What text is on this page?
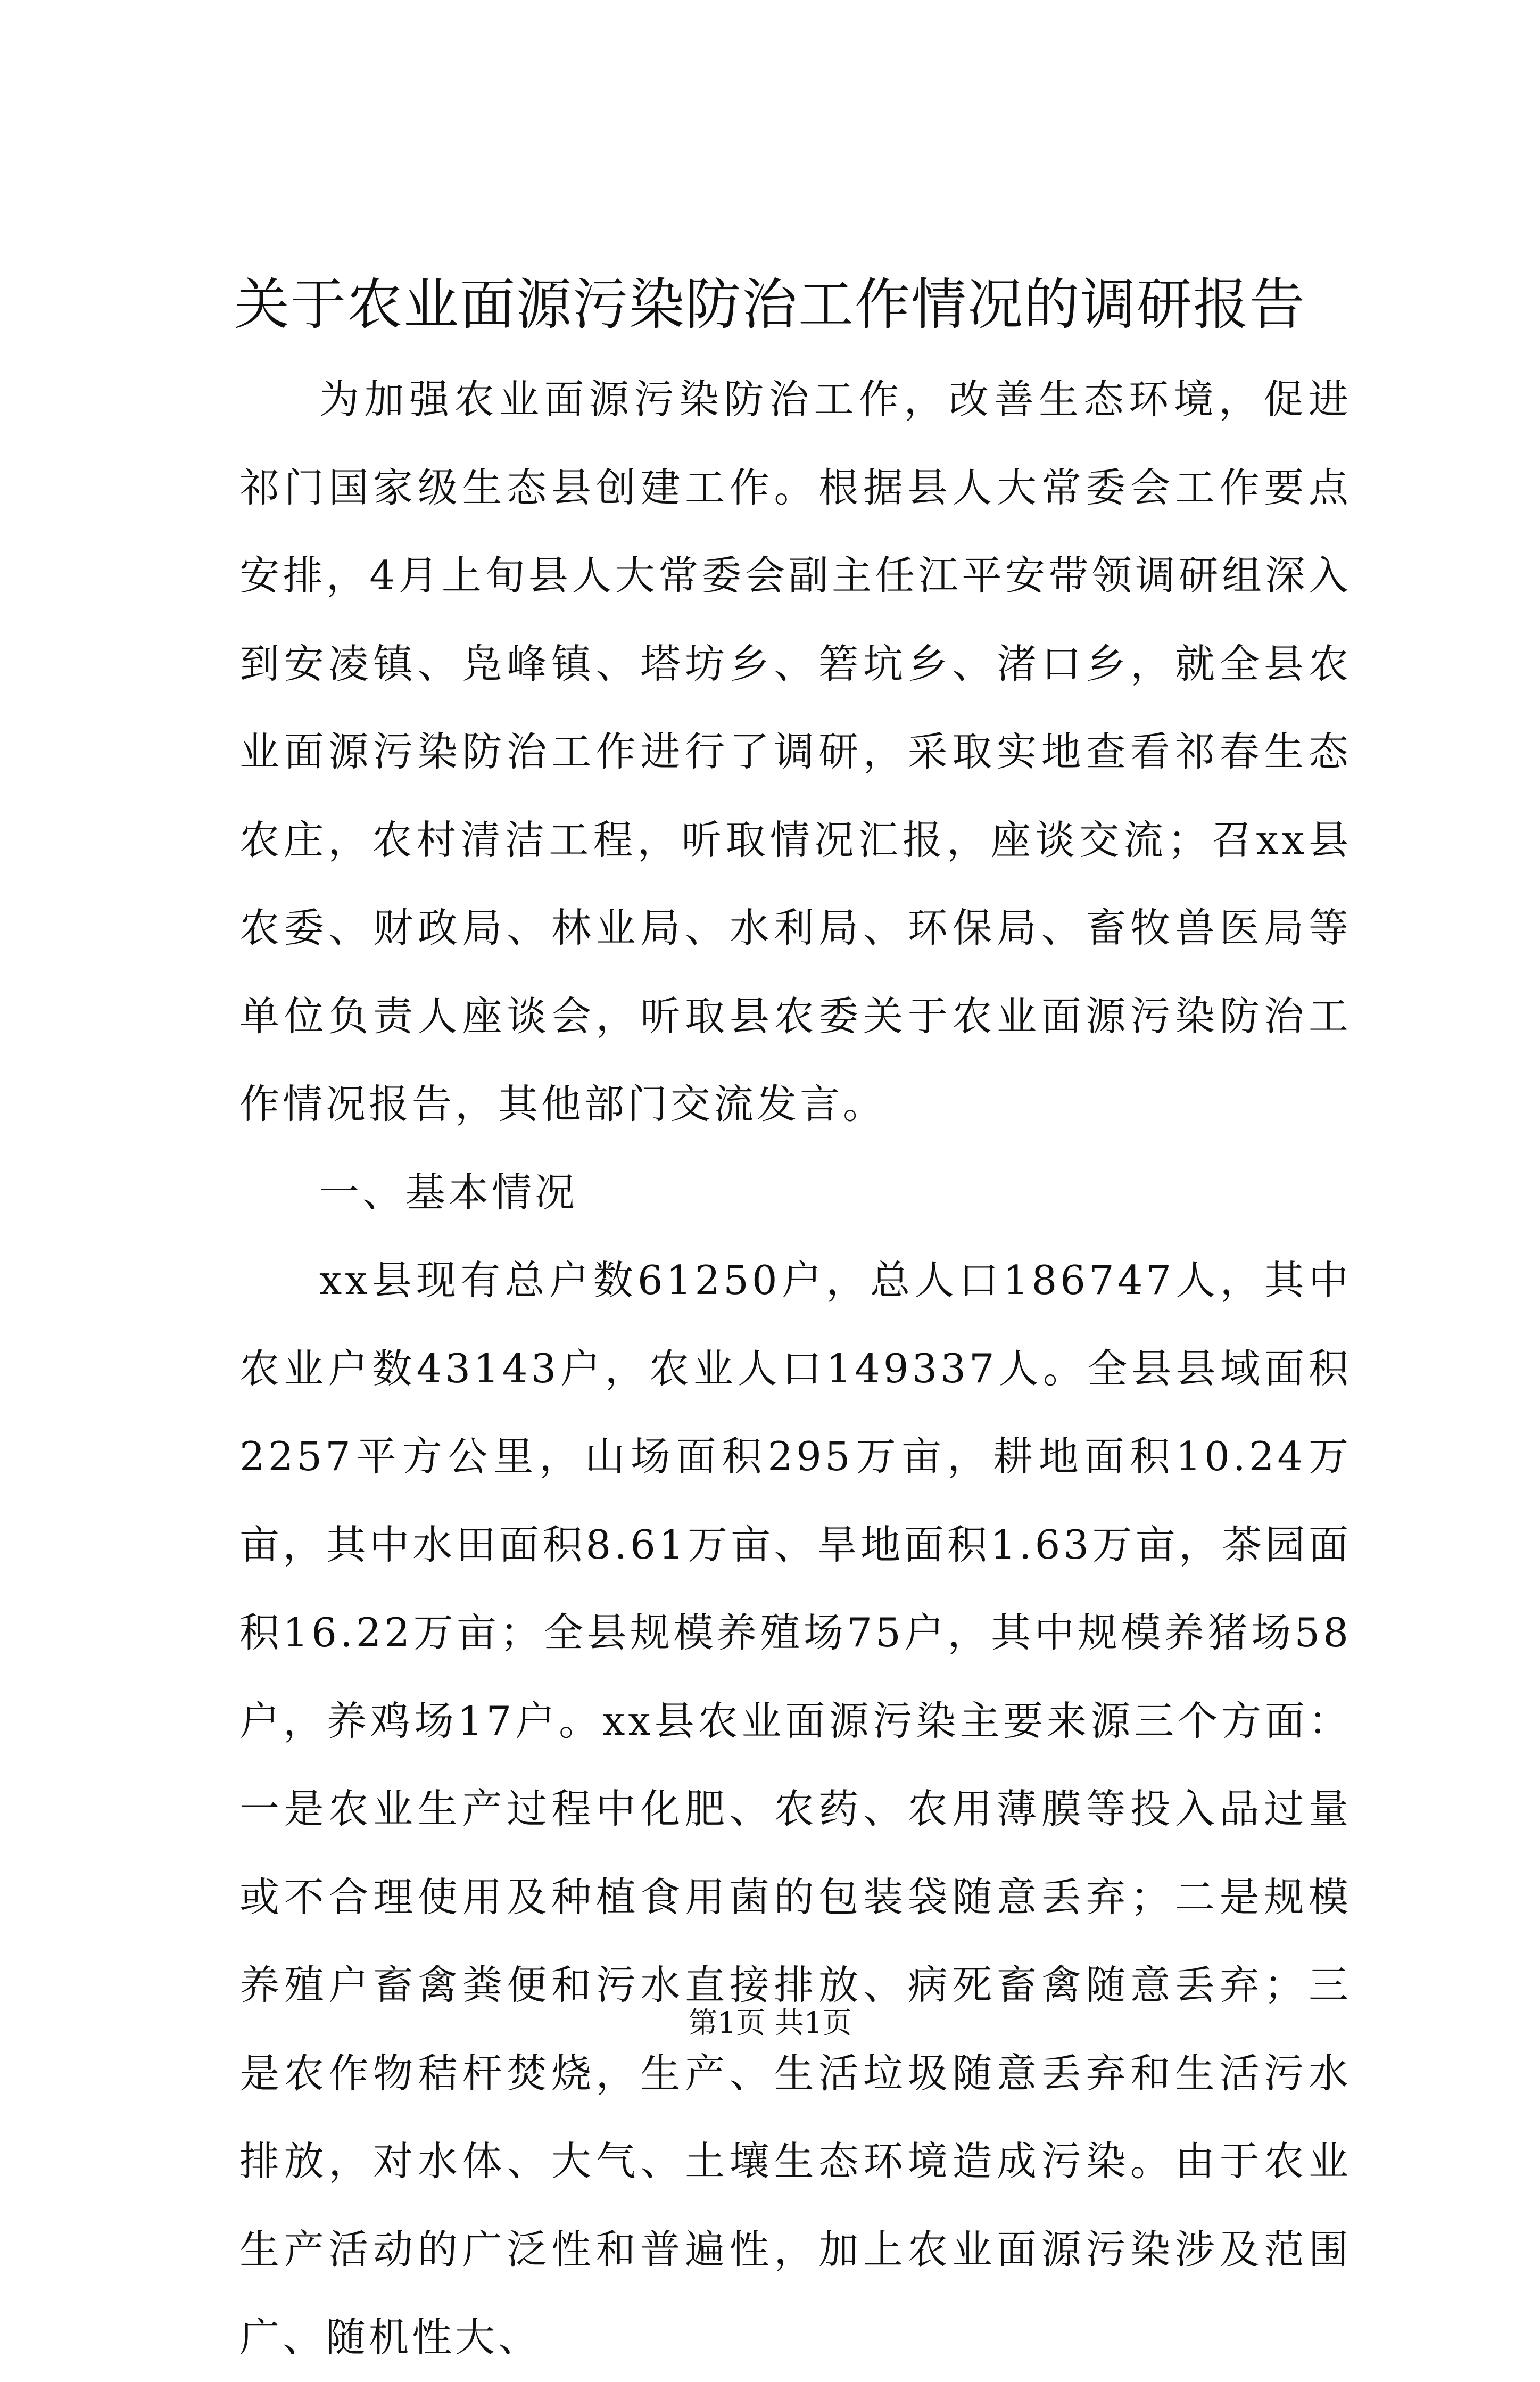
关于农业面源污染防治工作情况的调研报告

为加强农业面源污染防治工作，改善生态环境，促进祁门国家级生态县创建工作。根据县人大常委会工作要点安排，4月上旬县人大常委会副主任江平安带领调研组深入到安凌镇、凫峰镇、塔坊乡、箬坑乡、渚口乡，就全县农业面源污染防治工作进行了调研，采取实地查看祁春生态农庄，农村清洁工程，听取情况汇报，座谈交流；召xx县农委、财政局、林业局、水利局、环保局、畜牧兽医局等单位负责人座谈会，听取县农委关于农业面源污染防治工作情况报告，其他部门交流发言。

一、基本情况

xx县现有总户数61250户，总人口186747人，其中农业户数43143户，农业人口149337人。全县县域面积2257平方公里，山场面积295万亩，耕地面积10.24万亩，其中水田面积8.61万亩、旱地面积1.63万亩，茶园面积16.22万亩；全县规模养殖场75户，其中规模养猪场58户，养鸡场17户。xx县农业面源污染主要来源三个方面：一是农业生产过程中化肥、农药、农用薄膜等投入品过量或不合理使用及种植食用菌的包装袋随意丢弃；二是规模养殖户畜禽粪便和污水直接排放、病死畜禽随意丢弃；三是农作物秸杆焚烧，生产、生活垃圾随意丢弃和生活污水排放，对水体、大气、土壤生态环境造成污染。由于农业生产活动的广泛性和普遍性，加上农业面源污染涉及范围广、随机性大、

第1页 共1页
